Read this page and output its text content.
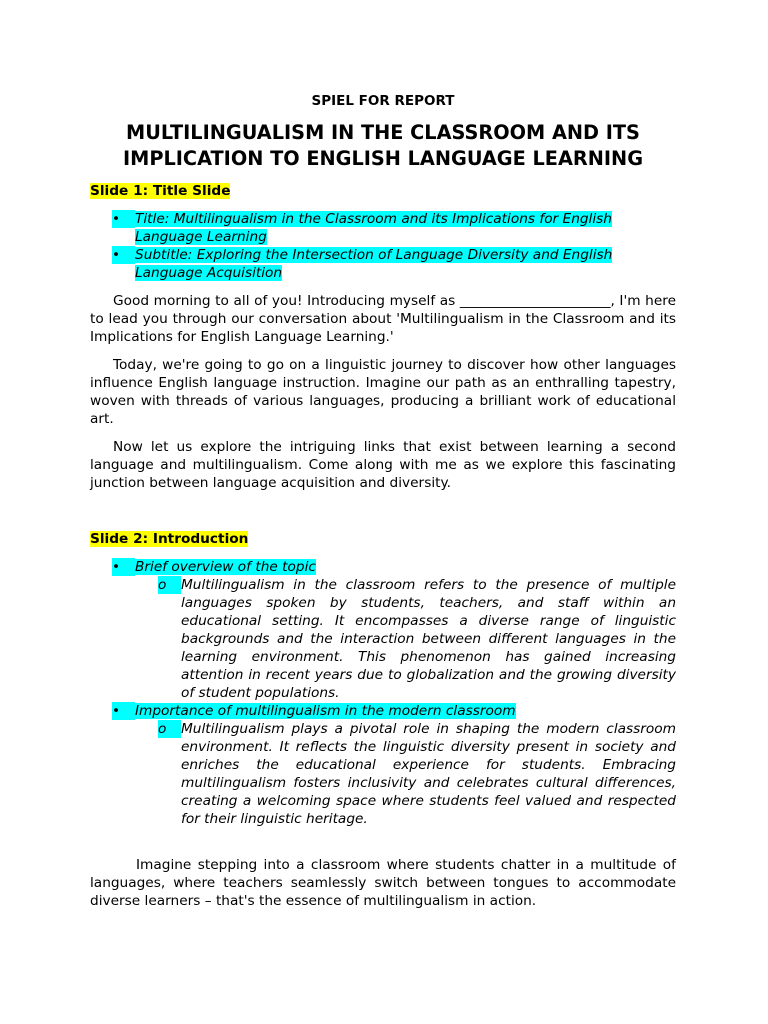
SPIEL FOR REPORT
MULTILINGUALISM IN THE CLASSROOM AND ITS IMPLICATION TO ENGLISH LANGUAGE LEARNING
Slide 1: Title Slide
•	Title: Multilingualism in the Classroom and its Implications for English Language Learning
•	Subtitle: Exploring the Intersection of Language Diversity and English Language Acquisition
Good morning to all of you! Introducing myself as ______________________, I'm here to lead you through our conversation about 'Multilingualism in the Classroom and its Implications for English Language Learning.'
Today, we're going to go on a linguistic journey to discover how other languages influence English language instruction. Imagine our path as an enthralling tapestry, woven with threads of various languages, producing a brilliant work of educational art.
Now let us explore the intriguing links that exist between learning a second language and multilingualism. Come along with me as we explore this fascinating junction between language acquisition and diversity.
Slide 2: Introduction
•	Brief overview of the topic
o	Multilingualism in the classroom refers to the presence of multiple languages spoken by students, teachers, and staff within an educational setting. It encompasses a diverse range of linguistic backgrounds and the interaction between different languages in the learning environment. This phenomenon has gained increasing attention in recent years due to globalization and the growing diversity of student populations.
•	Importance of multilingualism in the modern classroom
o	Multilingualism plays a pivotal role in shaping the modern classroom environment. It reflects the linguistic diversity present in society and enriches the educational experience for students. Embracing multilingualism fosters inclusivity and celebrates cultural differences, creating a welcoming space where students feel valued and respected for their linguistic heritage.
Imagine stepping into a classroom where students chatter in a multitude of languages, where teachers seamlessly switch between tongues to accommodate diverse learners – that's the essence of multilingualism in action.
